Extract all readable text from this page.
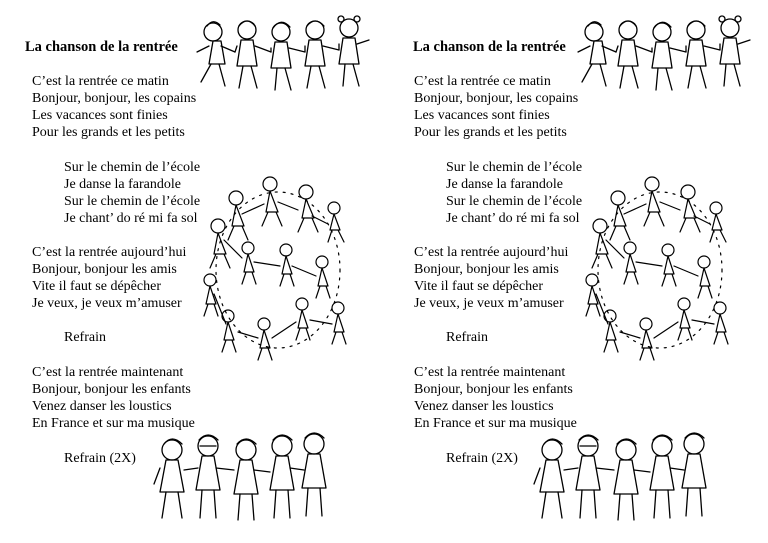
La chanson de la rentrée
C’est la rentrée ce matin
Bonjour, bonjour, les copains
Les vacances sont finies
Pour les grands et les petits
Sur le chemin de l’école
Je danse la farandole
Sur le chemin de l’école
Je chant’ do ré mi fa sol
C’est la rentrée aujourd’hui
Bonjour, bonjour les amis
Vite il faut se dépêcher
Je veux, je veux m’amuser
Refrain
C’est la rentrée maintenant
Bonjour, bonjour les enfants
Venez danser les loustics
En France et sur ma musique
Refrain (2X)
La chanson de la rentrée
C’est la rentrée ce matin
Bonjour, bonjour, les copains
Les vacances sont finies
Pour les grands et les petits
Sur le chemin de l’école
Je danse la farandole
Sur le chemin de l’école
Je chant’ do ré mi fa sol
C’est la rentrée aujourd’hui
Bonjour, bonjour les amis
Vite il faut se dépêcher
Je veux, je veux m’amuser
Refrain
C’est la rentrée maintenant
Bonjour, bonjour les enfants
Venez danser les loustics
En France et sur ma musique
Refrain (2X)
